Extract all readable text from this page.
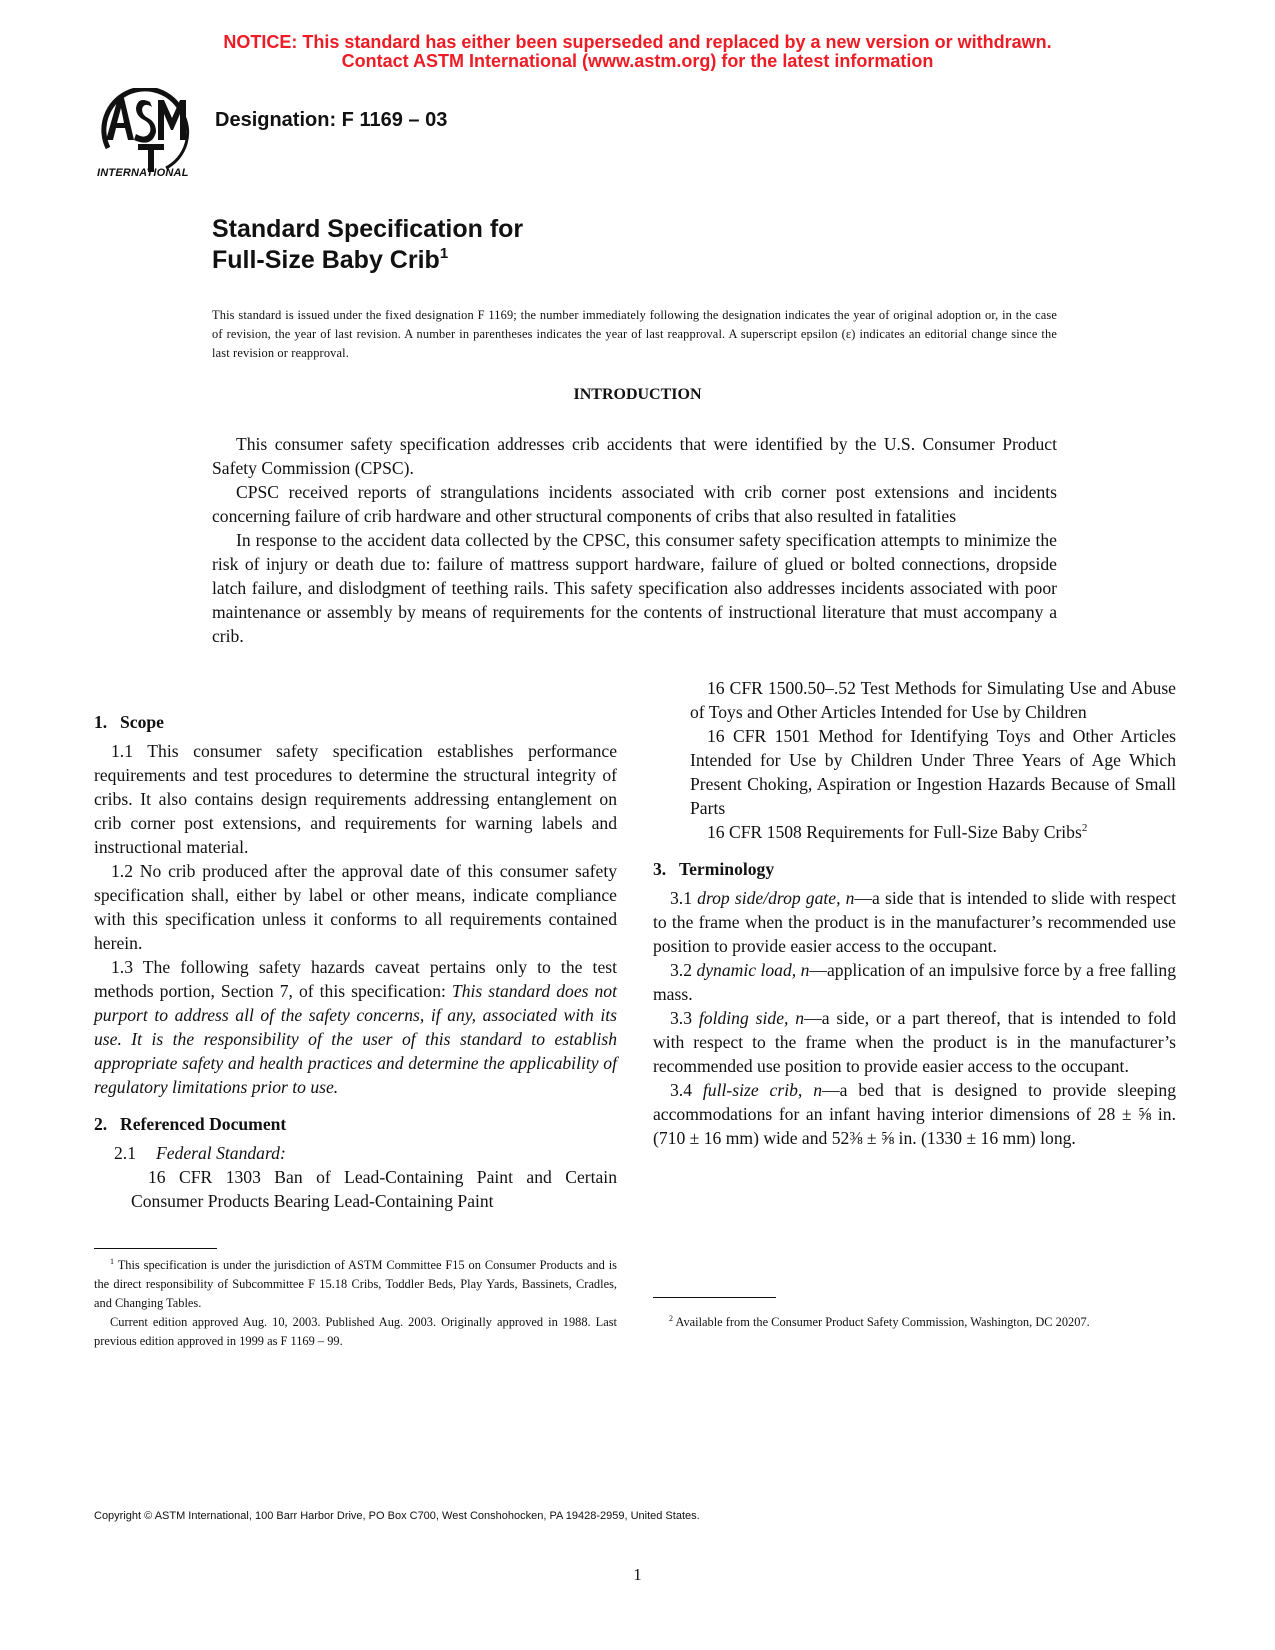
NOTICE: This standard has either been superseded and replaced by a new version or withdrawn.
Contact ASTM International (www.astm.org) for the latest information
INTERNATIONAL
Designation: F 1169 – 03
Standard Specification for
Full-Size Baby Crib$^1$
This standard is issued under the fixed designation F 1169; the number immediately following the designation indicates the year of original adoption or, in the case of revision, the year of last revision. A number in parentheses indicates the year of last reapproval. A superscript epsilon (ε) indicates an editorial change since the last revision or reapproval.
INTRODUCTION

This consumer safety specification addresses crib accidents that were identified by the U.S. Consumer Product Safety Commission (CPSC).

CPSC received reports of strangulations incidents associated with crib corner post extensions and incidents concerning failure of crib hardware and other structural components of cribs that also resulted in fatalities

In response to the accident data collected by the CPSC, this consumer safety specification attempts to minimize the risk of injury or death due to: failure of mattress support hardware, failure of glued or bolted connections, dropside latch failure, and dislodgment of teething rails. This safety specification also addresses incidents associated with poor maintenance or assembly by means of requirements for the contents of instructional literature that must accompany a crib.

1. Scope

1.1 This consumer safety specification establishes performance requirements and test procedures to determine the structural integrity of cribs. It also contains design requirements addressing entanglement on crib corner post extensions, and requirements for warning labels and instructional material.

1.2 No crib produced after the approval date of this consumer safety specification shall, either by label or other means, indicate compliance with this specification unless it conforms to all requirements contained herein.

1.3 The following safety hazards caveat pertains only to the test methods portion, Section 7, of this specification: This standard does not purport to address all of the safety concerns, if any, associated with its use. It is the responsibility of the user of this standard to establish appropriate safety and health practices and determine the applicability of regulatory limitations prior to use.

2. Referenced Document
2.1 Federal Standard:

16 CFR 1303 Ban of Lead-Containing Paint and Certain Consumer Products Bearing Lead-Containing Paint

16 CFR 1500.50–.52 Test Methods for Simulating Use and Abuse of Toys and Other Articles Intended for Use by Children

16 CFR 1501 Method for Identifying Toys and Other Articles Intended for Use by Children Under Three Years of Age Which Present Choking, Aspiration or Ingestion Hazards Because of Small Parts

16 CFR 1508 Requirements for Full-Size Baby Cribs$^2$

3. Terminology

3.1 drop side/drop gate, n—a side that is intended to slide with respect to the frame when the product is in the manufacturer’s recommended use position to provide easier access to the occupant.

3.2 dynamic load, n—application of an impulsive force by a free falling mass.

3.3 folding side, n—a side, or a part thereof, that is intended to fold with respect to the frame when the product is in the manufacturer’s recommended use position to provide easier access to the occupant.

3.4 full-size crib, n—a bed that is designed to provide sleeping accommodations for an infant having interior dimensions of 28 ± ⅝ in. (710 ± 16 mm) wide and 52⅜ ± ⅝ in. (1330 ± 16 mm) long.

$^1$ This specification is under the jurisdiction of ASTM Committee F15 on Consumer Products and is the direct responsibility of Subcommittee F 15.18 Cribs, Toddler Beds, Play Yards, Bassinets, Cradles, and Changing Tables.

Current edition approved Aug. 10, 2003. Published Aug. 2003. Originally approved in 1988. Last previous edition approved in 1999 as F 1169 – 99.

$^2$ Available from the Consumer Product Safety Commission, Washington, DC 20207.

Copyright © ASTM International, 100 Barr Harbor Drive, PO Box C700, West Conshohocken, PA 19428-2959, United States.
1
